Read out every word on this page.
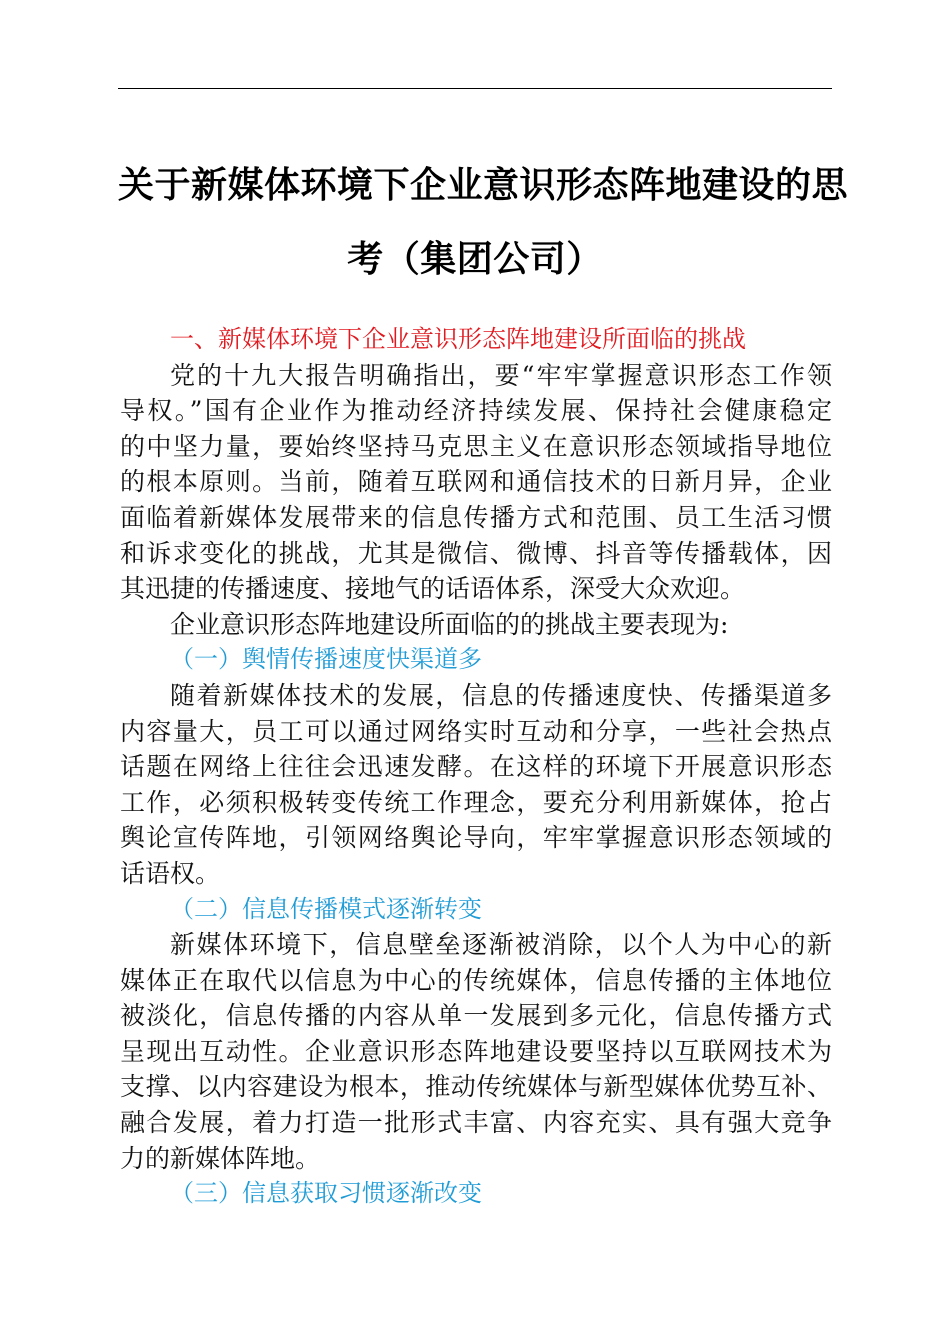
关于新媒体环境下企业意识形态阵地建设的思
考（集团公司）
一、新媒体环境下企业意识形态阵地建设所面临的挑战

党的十九大报告明确指出，要“牢牢掌握意识形态工作领
导权。”国有企业作为推动经济持续发展、保持社会健康稳定
的中坚力量，要始终坚持马克思主义在意识形态领域指导地位
的根本原则。当前，随着互联网和通信技术的日新月异，企业
面临着新媒体发展带来的信息传播方式和范围、员工生活习惯
和诉求变化的挑战，尤其是微信、微博、抖音等传播载体，因
其迅捷的传播速度、接地气的话语体系，深受大众欢迎。

企业意识形态阵地建设所面临的的挑战主要表现为:

（一）舆情传播速度快渠道多

随着新媒体技术的发展，信息的传播速度快、传播渠道多
内容量大，员工可以通过网络实时互动和分享，一些社会热点
话题在网络上往往会迅速发酵。在这样的环境下开展意识形态
工作，必须积极转变传统工作理念，要充分利用新媒体，抢占
舆论宣传阵地，引领网络舆论导向，牢牢掌握意识形态领域的
话语权。

（二）信息传播模式逐渐转变

新媒体环境下，信息壁垒逐渐被消除，以个人为中心的新
媒体正在取代以信息为中心的传统媒体，信息传播的主体地位
被淡化，信息传播的内容从单一发展到多元化，信息传播方式
呈现出互动性。企业意识形态阵地建设要坚持以互联网技术为
支撑、以内容建设为根本，推动传统媒体与新型媒体优势互补、
融合发展，着力打造一批形式丰富、内容充实、具有强大竞争
力的新媒体阵地。

（三）信息获取习惯逐渐改变
